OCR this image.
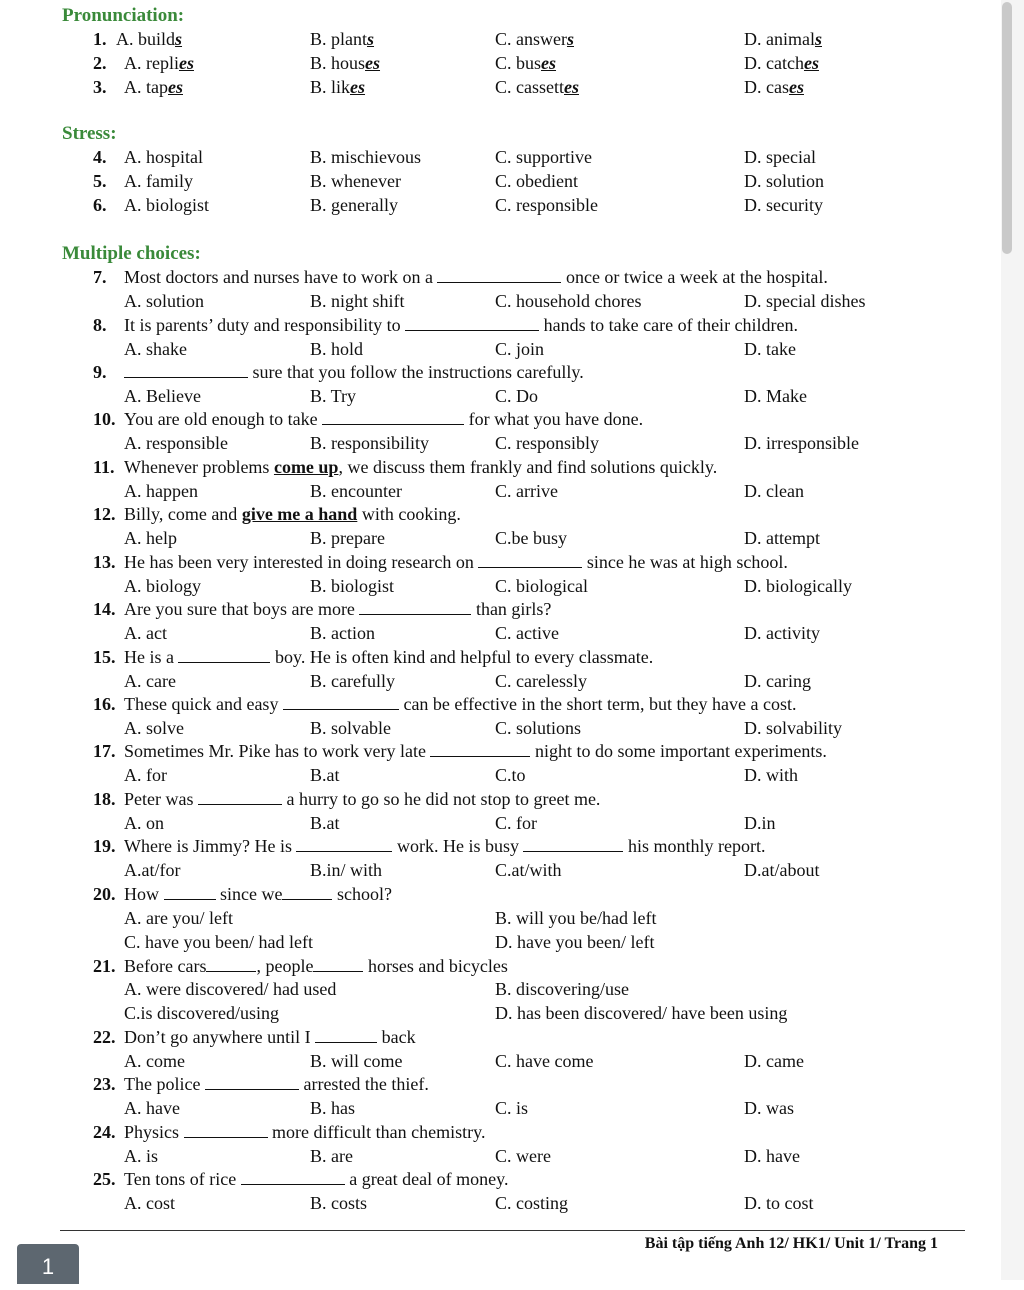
Pronunciation:
1. A. builds	B. plants	C. answers	D. animals
2. A. replies	B. houses	C. buses	D. catches
3. A. tapes	B. likes	C. cassettes	D. cases
Stress:
4. A. hospital	B. mischievous	C. supportive	D. special
5. A. family	B. whenever	C. obedient	D. solution
6. A. biologist	B. generally	C. responsible	D. security
Multiple choices:
7. Most doctors and nurses have to work on a	once or twice a week at the hospital.
A. solution	B. night shift	C. household chores	D. special dishes
8. It is parents’ duty and responsibility to	hands to take care of their children.
A. shake	B. hold	C. join	D. take
9.	sure that you follow the instructions carefully.
A. Believe	B. Try	C. Do	D. Make
10. You are old enough to take	for what you have done.
A. responsible	B. responsibility	C. responsibly	D. irresponsible
11. Whenever problems come up, we discuss them frankly and find solutions quickly.
A. happen	B. encounter	C. arrive	D. clean
12. Billy, come and give me a hand with cooking.
A. help	B. prepare	C.be busy	D. attempt
13. He has been very interested in doing research on	since he was at high school.
A. biology	B. biologist	C. biological	D. biologically
14. Are you sure that boys are more	than girls?
A. act	B. action	C. active	D. activity
15. He is a	boy. He is often kind and helpful to every classmate.
A. care	B. carefully	C. carelessly	D. caring
16. These quick and easy	can be effective in the short term, but they have a cost.
A. solve	B. solvable	C. solutions	D. solvability
17. Sometimes Mr. Pike has to work very late	night to do some important experiments.
A. for	B.at	C.to	D. with
18. Peter was	a hurry to go so he did not stop to greet me.
A. on	B.at	C. for	D.in
19. Where is Jimmy? He is	work. He is busy	his monthly report.
A.at/for	B.in/ with	C.at/with	D.at/about
20. How	since we	school?
A. are you/ left	B. will you be/had left
C. have you been/ had left	D. have you been/ left
21. Before cars	, people	horses and bicycles
A. were discovered/ had used	B. discovering/use
C.is discovered/using	D. has been discovered/ have been using
22. Don’t go anywhere until I	back
A. come	B. will come	C. have come	D. came
23. The police	arrested the thief.
A. have	B. has	C. is	D. was
24. Physics	more difficult than chemistry.
A. is	B. are	C. were	D. have
25. Ten tons of rice	a great deal of money.
A. cost	B. costs	C. costing	D. to cost
Bài tập tiếng Anh 12/ HK1/ Unit 1/ Trang 1
1
